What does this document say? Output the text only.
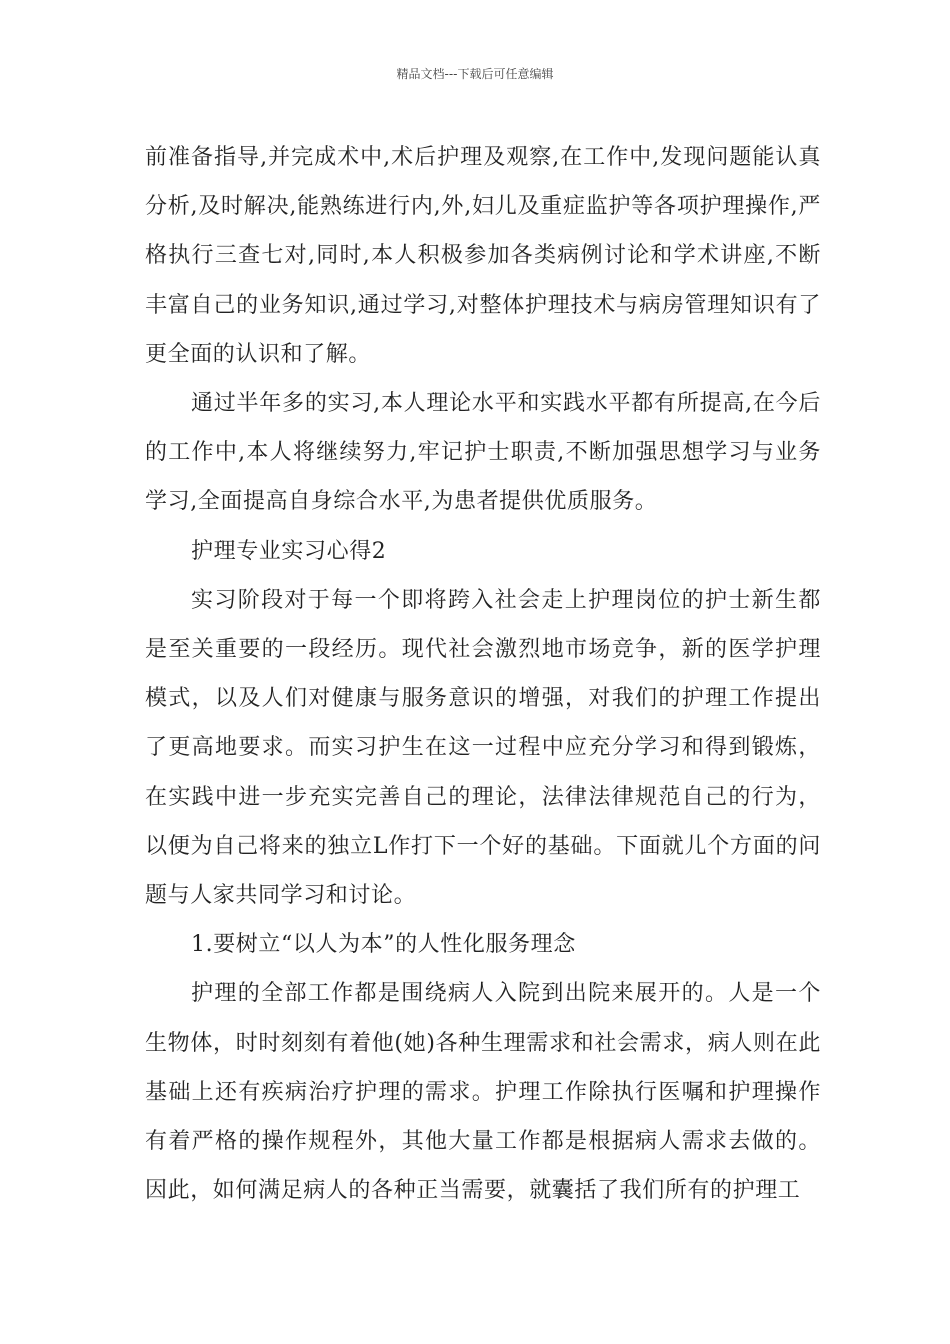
精品文档---下载后可任意编辑

前准备指导,并完成术中,术后护理及观察,在工作中,发现问题能认真分析,及时解决,能熟练进行内,外,妇儿及重症监护等各项护理操作,严格执行三查七对,同时,本人积极参加各类病例讨论和学术讲座,不断丰富自己的业务知识,通过学习,对整体护理技术与病房管理知识有了更全面的认识和了解。

通过半年多的实习,本人理论水平和实践水平都有所提高,在今后的工作中,本人将继续努力,牢记护士职责,不断加强思想学习与业务学习,全面提高自身综合水平,为患者提供优质服务。

护理专业实习心得2

实习阶段对于每一个即将跨入社会走上护理岗位的护士新生都是至关重要的一段经历。现代社会激烈地市场竞争，新的医学护理模式，以及人们对健康与服务意识的增强，对我们的护理工作提出了更高地要求。而实习护生在这一过程中应充分学习和得到锻炼，在实践中进一步充实完善自己的理论，法律法律规范自己的行为，以便为自己将来的独立L作打下一个好的基础。下面就儿个方面的问题与人家共同学习和讨论。

1.要树立“以人为本”的人性化服务理念

护理的全部工作都是围绕病人入院到出院来展开的。人是一个生物体，时时刻刻有着他(她)各种生理需求和社会需求，病人则在此基础上还有疾病治疗护理的需求。护理工作除执行医嘱和护理操作有着严格的操作规程外，其他大量工作都是根据病人需求去做的。因此，如何满足病人的各种正当需要，就囊括了我们所有的护理工
